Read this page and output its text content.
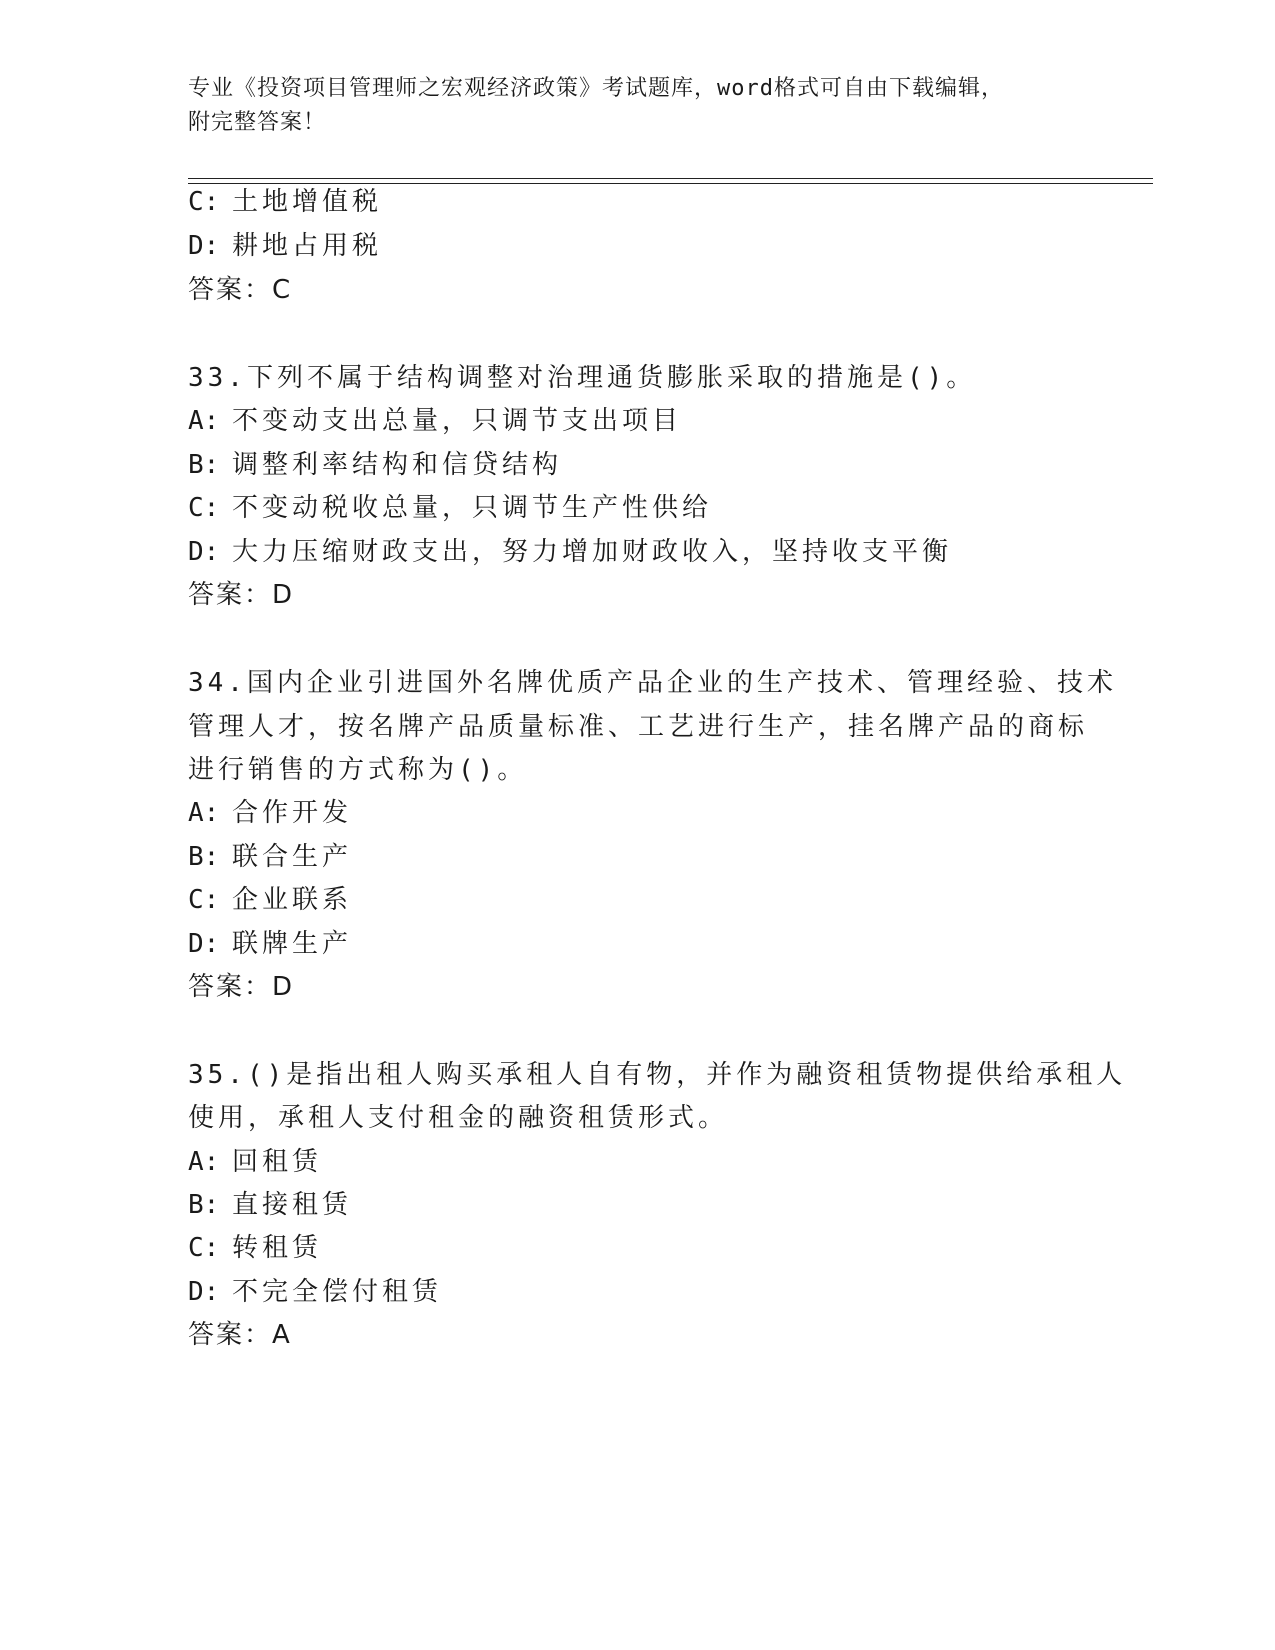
专业《投资项目管理师之宏观经济政策》考试题库，word格式可自由下载编辑，
附完整答案！
C: 土地增值税
D: 耕地占用税
答案：C
33.下列不属于结构调整对治理通货膨胀采取的措施是()。
A: 不变动支出总量，只调节支出项目
B: 调整利率结构和信贷结构
C: 不变动税收总量，只调节生产性供给
D: 大力压缩财政支出，努力增加财政收入，坚持收支平衡
答案：D
34.国内企业引进国外名牌优质产品企业的生产技术、管理经验、技术
管理人才，按名牌产品质量标准、工艺进行生产，挂名牌产品的商标
进行销售的方式称为()。
A: 合作开发
B: 联合生产
C: 企业联系
D: 联牌生产
答案：D
35.()是指出租人购买承租人自有物，并作为融资租赁物提供给承租人
使用，承租人支付租金的融资租赁形式。
A: 回租赁
B: 直接租赁
C: 转租赁
D: 不完全偿付租赁
答案：A
